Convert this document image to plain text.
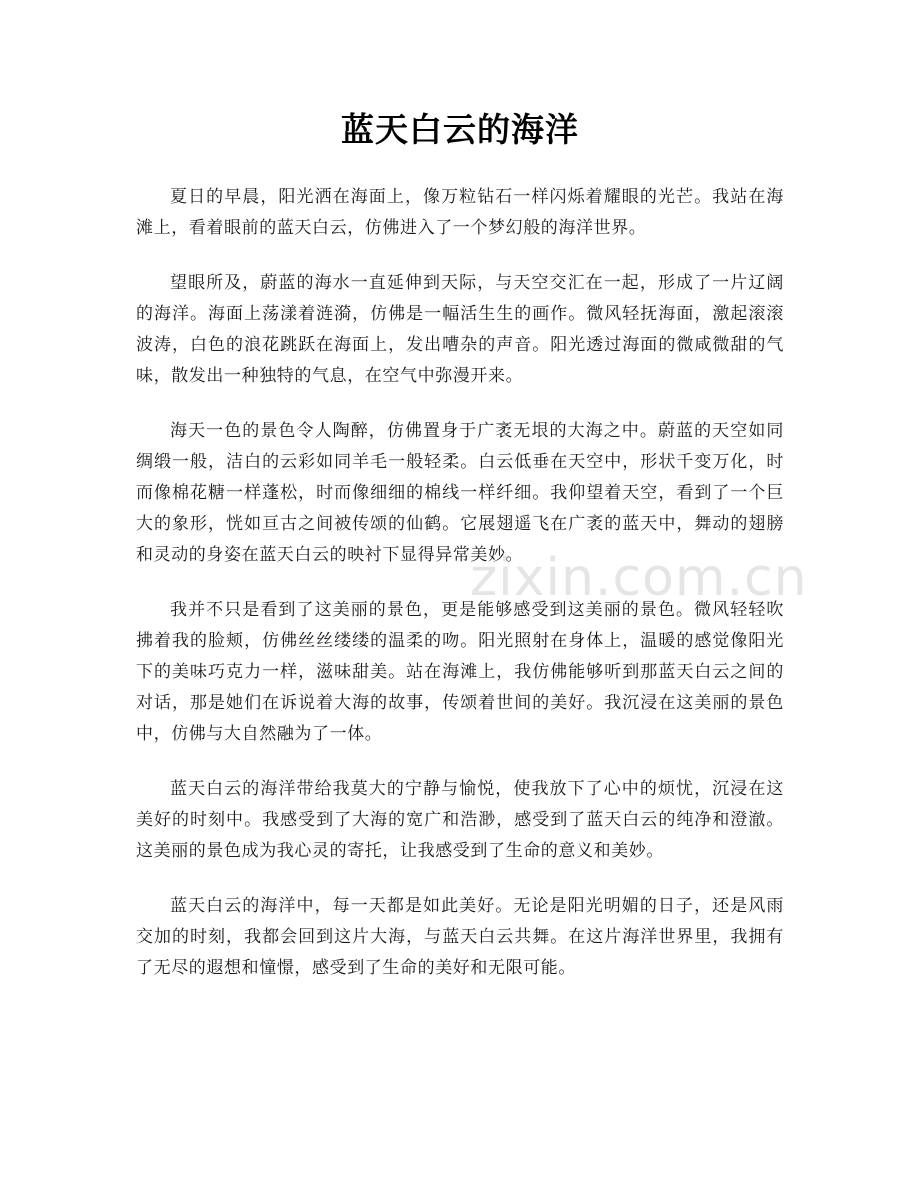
蓝天白云的海洋

夏日的早晨，阳光洒在海面上，像万粒钻石一样闪烁着耀眼的光芒。我站在海滩上，看着眼前的蓝天白云，仿佛进入了一个梦幻般的海洋世界。

望眼所及，蔚蓝的海水一直延伸到天际，与天空交汇在一起，形成了一片辽阔的海洋。海面上荡漾着涟漪，仿佛是一幅活生生的画作。微风轻抚海面，激起滚滚波涛，白色的浪花跳跃在海面上，发出嘈杂的声音。阳光透过海面的微咸微甜的气味，散发出一种独特的气息，在空气中弥漫开来。

海天一色的景色令人陶醉，仿佛置身于广袤无垠的大海之中。蔚蓝的天空如同绸缎一般，洁白的云彩如同羊毛一般轻柔。白云低垂在天空中，形状千变万化，时而像棉花糖一样蓬松，时而像细细的棉线一样纤细。我仰望着天空，看到了一个巨大的象形，恍如亘古之间被传颂的仙鹤。它展翅遥飞在广袤的蓝天中，舞动的翅膀和灵动的身姿在蓝天白云的映衬下显得异常美妙。

我并不只是看到了这美丽的景色，更是能够感受到这美丽的景色。微风轻轻吹拂着我的脸颊，仿佛丝丝缕缕的温柔的吻。阳光照射在身体上，温暖的感觉像阳光下的美味巧克力一样，滋味甜美。站在海滩上，我仿佛能够听到那蓝天白云之间的对话，那是她们在诉说着大海的故事，传颂着世间的美好。我沉浸在这美丽的景色中，仿佛与大自然融为了一体。

蓝天白云的海洋带给我莫大的宁静与愉悦，使我放下了心中的烦忧，沉浸在这美好的时刻中。我感受到了大海的宽广和浩渺，感受到了蓝天白云的纯净和澄澈。这美丽的景色成为我心灵的寄托，让我感受到了生命的意义和美妙。

蓝天白云的海洋中，每一天都是如此美好。无论是阳光明媚的日子，还是风雨交加的时刻，我都会回到这片大海，与蓝天白云共舞。在这片海洋世界里，我拥有了无尽的遐想和憧憬，感受到了生命的美好和无限可能。

zixin.com.cn
